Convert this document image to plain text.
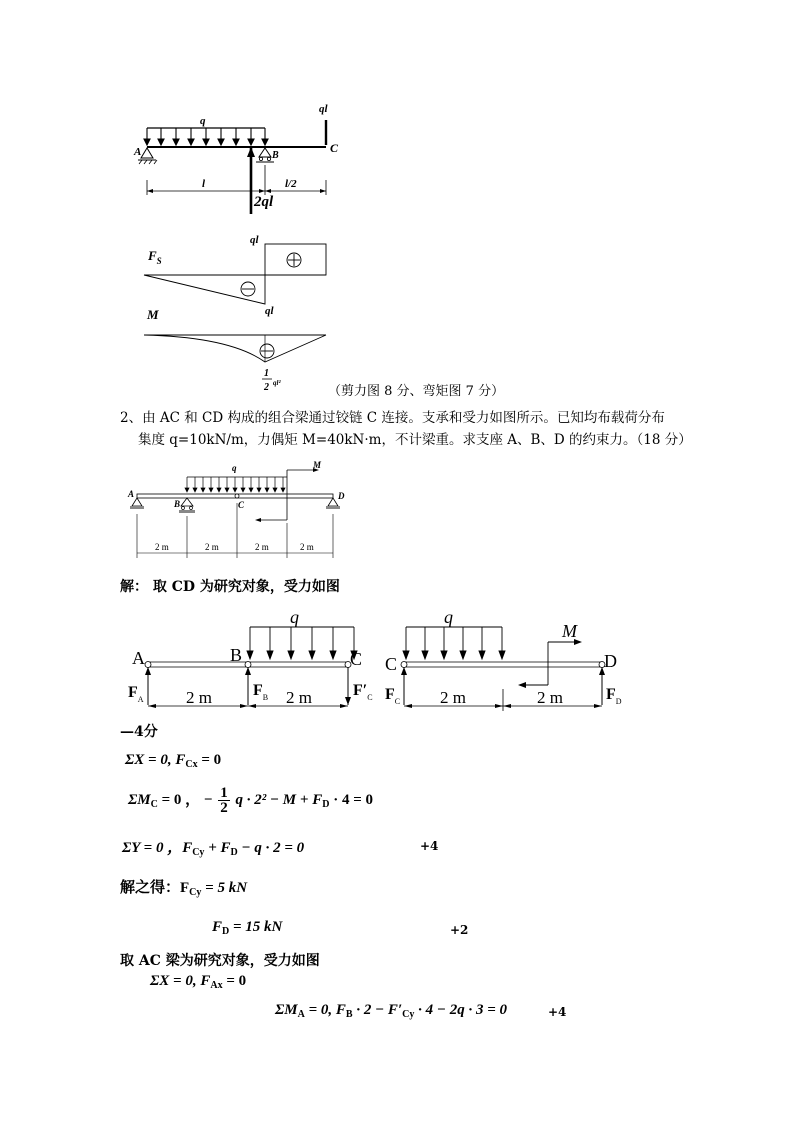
q
ql
A	B
C
2ql
l	l/2
$F_S$
ql
ql
M
1
2 ql²
（剪力图 8 分、弯矩图 7 分）
2、由 AC 和 CD 构成的组合梁通过铰链 C 连接。支承和受力如图所示。已知均布载荷分布
集度 q=10kN/m，力偶矩 M=40kN·m，不计梁重。求支座 A、B、D 的约束力。（18 分）
q	M
A
B	C
D
2 m	2 m	2 m	2 m
解： 取 CD 为研究对象，受力如图
q
A	B	C
$F_A$
$F_B$	$F'_C$
2 m	2 m
q
M
C	D
$F_C$	$F_D$
2 m	2 m
—4分
ΣX = 0, $F_{Cx} = 0$
$\Sigma M_C = 0$ ， − $\frac{1}{2}$ $q \cdot 2^2 - M + F_D \cdot 4 = 0$
ΣY = 0 ，$F_{Cy} + F_D - q \cdot 2 = 0$	+4
解之得：$F_{Cy} = 5$ kN
$F_D = 15$ kN	+2
取 AC 梁为研究对象，受力如图
ΣX = 0, $F_{Ax} = 0$
$\Sigma M_A = 0$, $F_B \cdot 2 - F'_{Cy} \cdot 4 - 2q \cdot 3 = 0$	+4
